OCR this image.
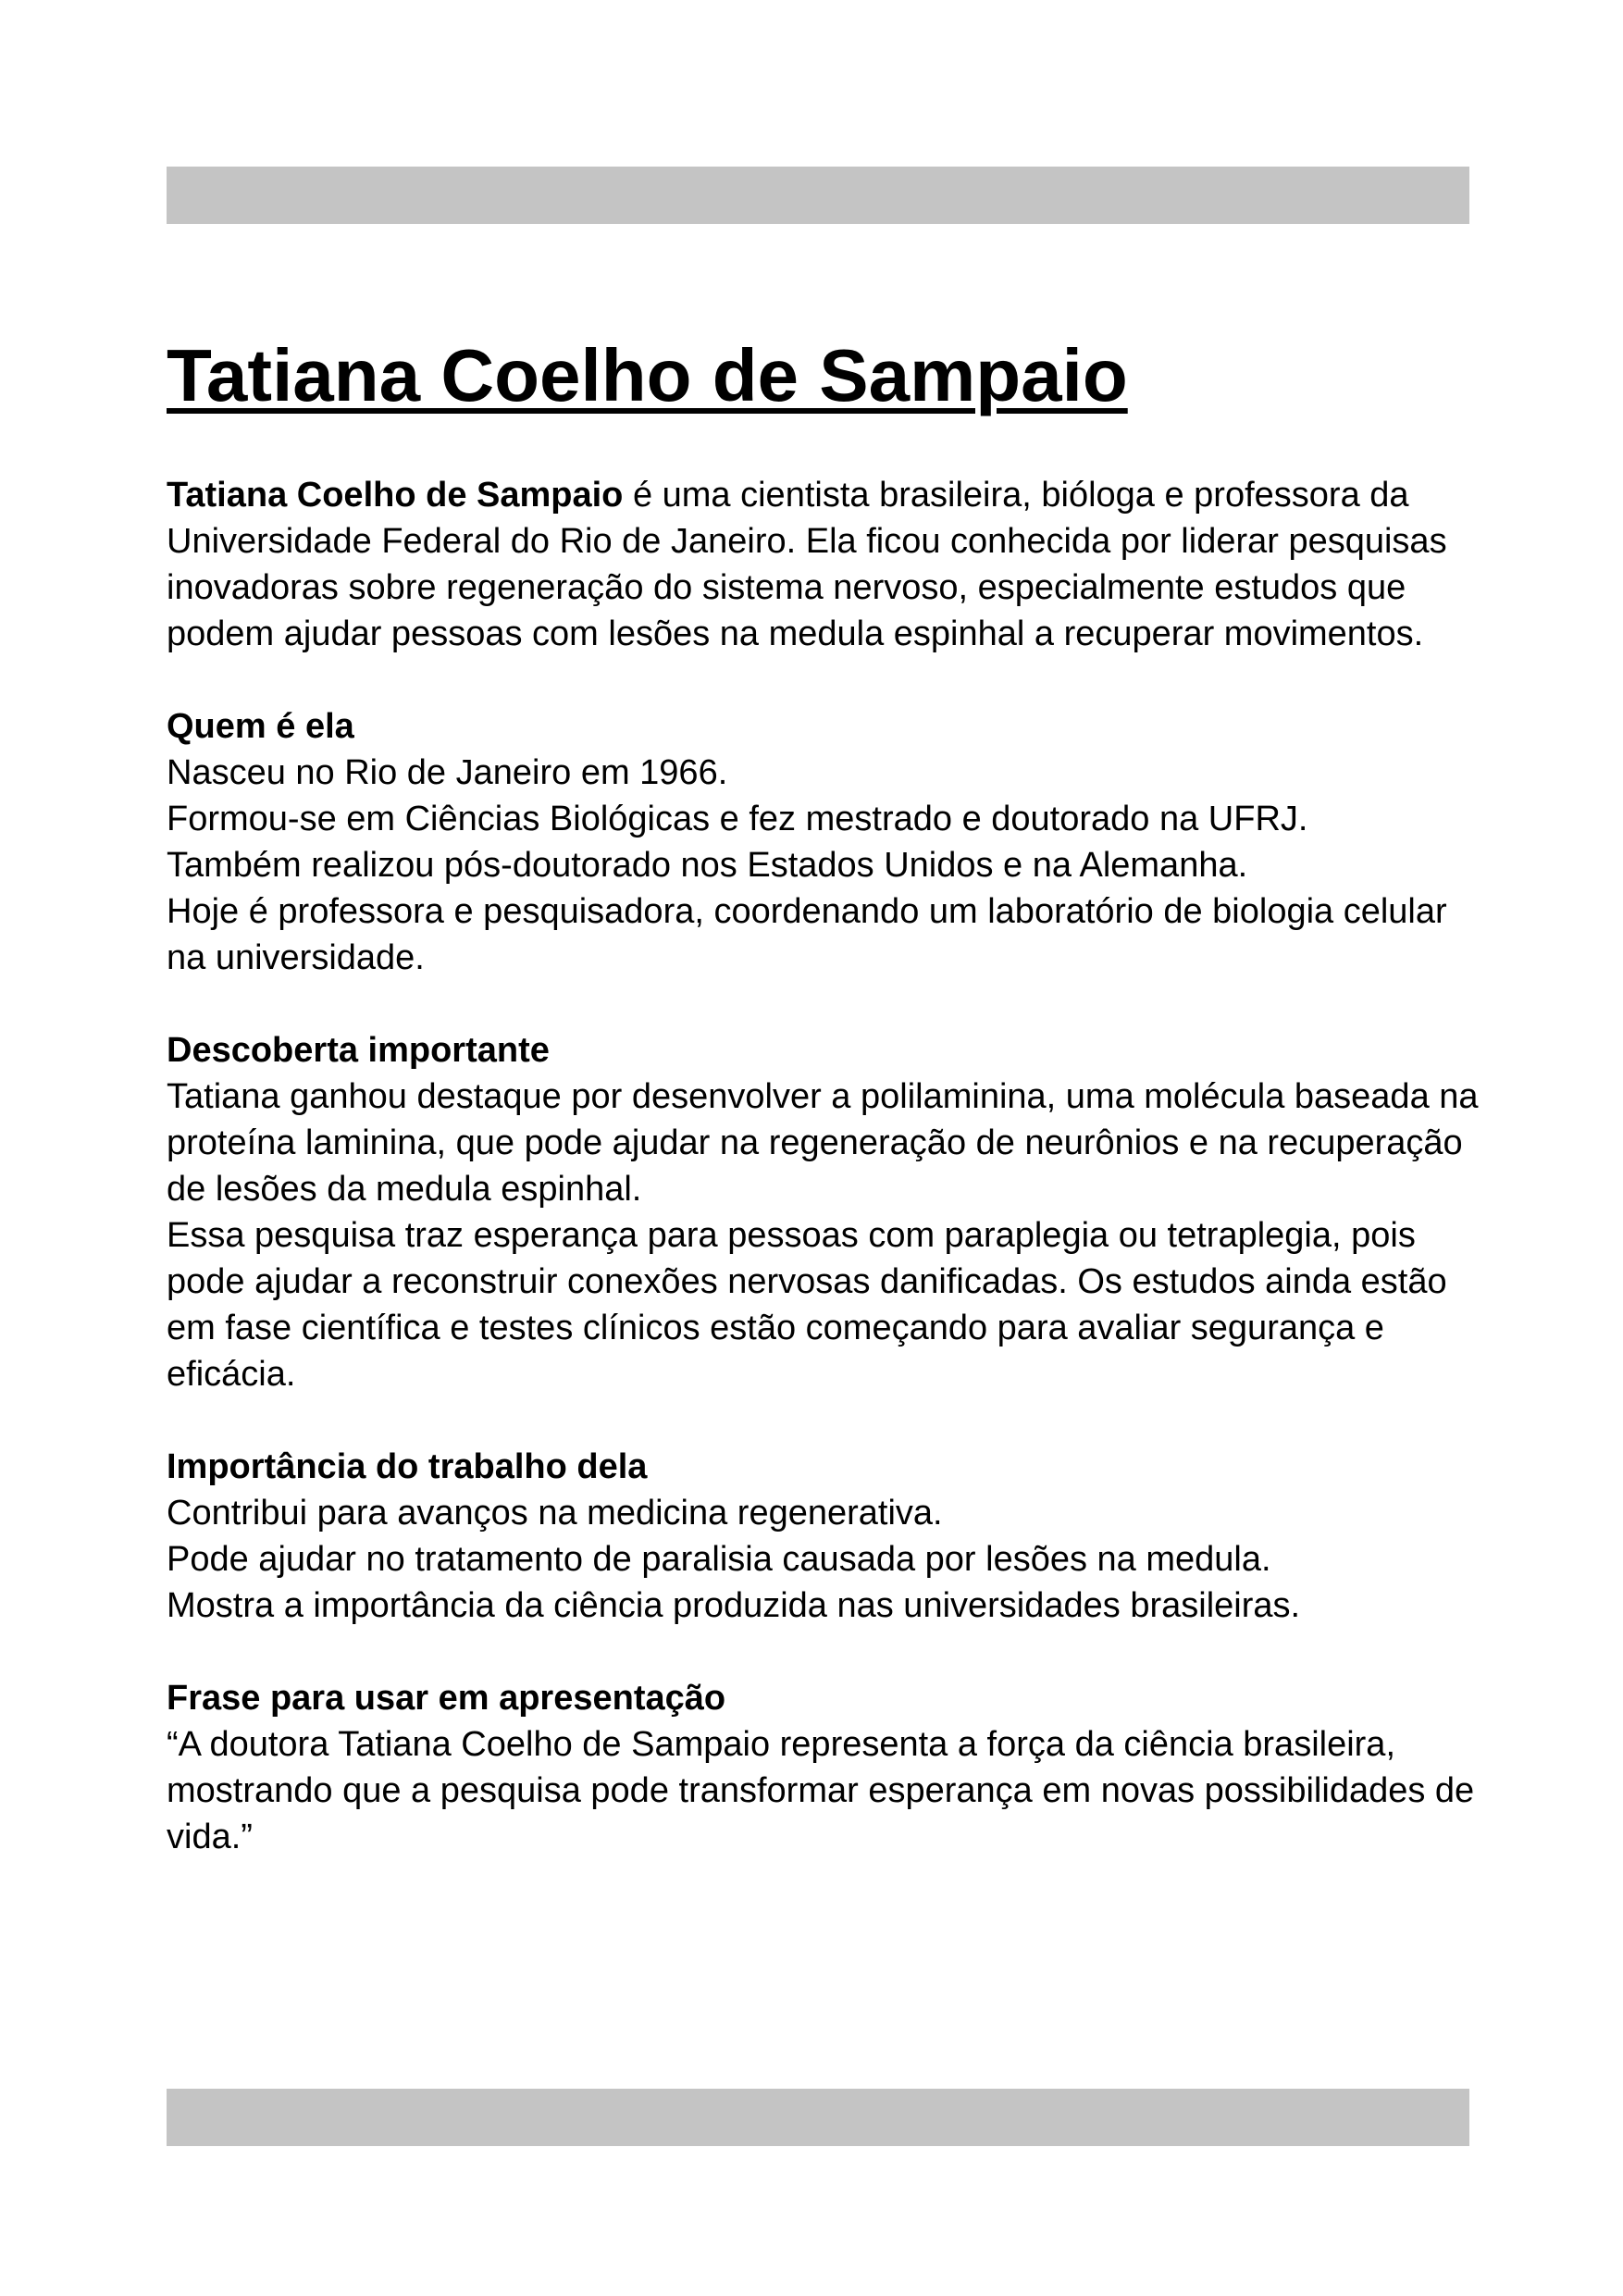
Tatiana Coelho de Sampaio

Tatiana Coelho de Sampaio é uma cientista brasileira, bióloga e professora da Universidade Federal do Rio de Janeiro. Ela ficou conhecida por liderar pesquisas inovadoras sobre regeneração do sistema nervoso, especialmente estudos que podem ajudar pessoas com lesões na medula espinhal a recuperar movimentos.

Quem é ela

Nasceu no Rio de Janeiro em 1966.

Formou-se em Ciências Biológicas e fez mestrado e doutorado na UFRJ.

Também realizou pós-doutorado nos Estados Unidos e na Alemanha.

Hoje é professora e pesquisadora, coordenando um laboratório de biologia celular na universidade.

Descoberta importante

Tatiana ganhou destaque por desenvolver a polilaminina, uma molécula baseada na proteína laminina, que pode ajudar na regeneração de neurônios e na recuperação de lesões da medula espinhal.

Essa pesquisa traz esperança para pessoas com paraplegia ou tetraplegia, pois pode ajudar a reconstruir conexões nervosas danificadas. Os estudos ainda estão em fase científica e testes clínicos estão começando para avaliar segurança e eficácia.

Importância do trabalho dela

Contribui para avanços na medicina regenerativa.

Pode ajudar no tratamento de paralisia causada por lesões na medula.

Mostra a importância da ciência produzida nas universidades brasileiras.

Frase para usar em apresentação

“A doutora Tatiana Coelho de Sampaio representa a força da ciência brasileira, mostrando que a pesquisa pode transformar esperança em novas possibilidades de vida.”
